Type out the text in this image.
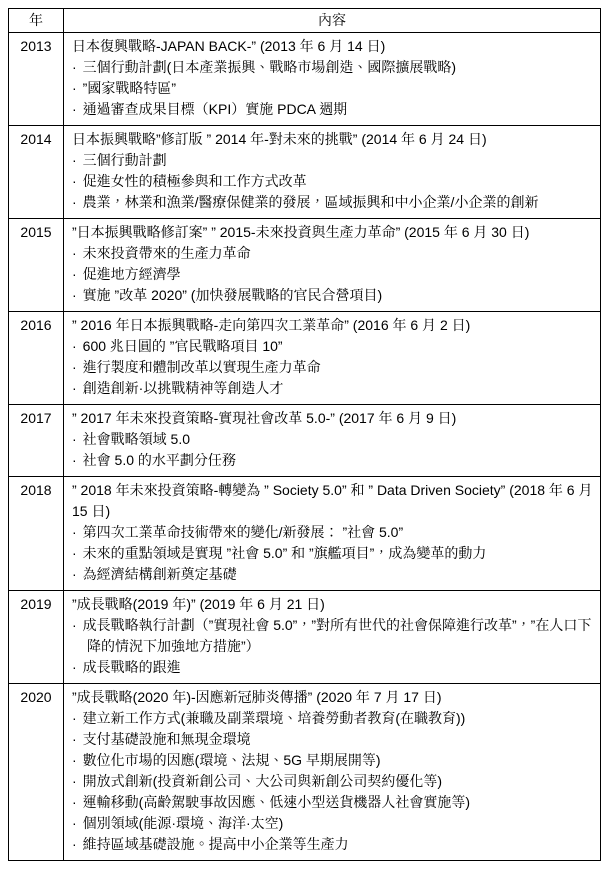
年	內容
2013	日本復興戰略-JAPAN BACK-” (2013 年 6 月 14 日)
· 三個行動計劃(日本產業振興、戰略市場創造、國際擴展戰略)
· ”國家戰略特區”
· 通過審查成果目標（KPI）實施 PDCA 週期

2014	日本振興戰略”修訂版 ” 2014 年-對未來的挑戰” (2014 年 6 月 24 日)
· 三個行動計劃
· 促進女性的積極參與和工作方式改革
· 農業，林業和漁業/醫療保健業的發展，區域振興和中小企業/小企業的創新

2015	”日本振興戰略修訂案” ” 2015-未來投資與生產力革命” (2015 年 6 月 30 日)
· 未來投資帶來的生產力革命
· 促進地方經濟學
· 實施 ”改革 2020” (加快發展戰略的官民合營項目)

2016	” 2016 年日本振興戰略-走向第四次工業革命” (2016 年 6 月 2 日)
· 600 兆日圓的 ”官民戰略項目 10”
· 進行製度和體制改革以實現生產力革命
· 創造創新·以挑戰精神等創造人才

2017	” 2017 年未來投資策略-實現社會改革 5.0-” (2017 年 6 月 9 日)
· 社會戰略領域 5.0
· 社會 5.0 的水平劃分任務

2018	” 2018 年未來投資策略-轉變為 ” Society 5.0” 和 ” Data Driven Society” (2018 年 6 月 15 日)
· 第四次工業革命技術帶來的變化/新發展： ”社會 5.0”
· 未來的重點領域是實現 ”社會 5.0” 和 ”旗艦項目”，成為變革的動力
· 為經濟結構創新奠定基礎

2019	”成長戰略(2019 年)” (2019 年 6 月 21 日)
· 成長戰略執行計劃（”實現社會 5.0”，”對所有世代的社會保障進行改革”，”在人口下降的情況下加強地方措施”）
· 成長戰略的跟進

2020	”成長戰略(2020 年)-因應新冠肺炎傳播” (2020 年 7 月 17 日)
· 建立新工作方式(兼職及副業環境、培養勞動者教育(在職教育))
· 支付基礎設施和無現金環境
· 數位化市場的因應(環境、法規、5G 早期展開等)
· 開放式創新(投資新創公司、大公司與新創公司契約優化等)
· 運輸移動(高齡駕駛事故因應、低速小型送貨機器人社會實施等)
· 個別領域(能源·環境、海洋·太空)
· 維持區域基礎設施。提高中小企業等生產力
